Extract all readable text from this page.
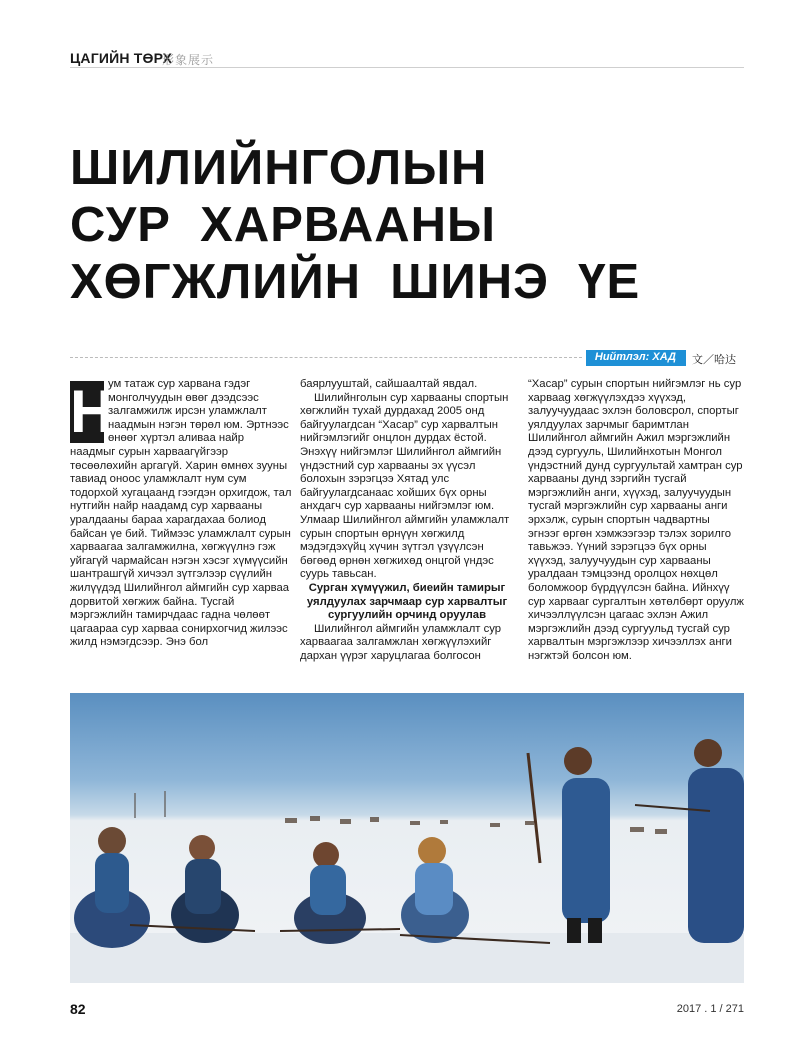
ЦАГИЙН ТӨРХ
形象展示
ШИЛИЙНГОЛЫН
СУР  ХАРВААНЫ
ХӨГЖЛИЙН  ШИНЭ  ҮЕ
Нийтлэл: ХАД 文／哈达
Н

ум татаж сур харвана гэдэг монголчуудын өвөг дээдсээс залгамжилж ирсэн уламжлалт наадмын нэгэн төрөл юм. Эртнээс өнөөг хүртэл аливаа найр наадмыг сурын харваагүйгээр төсөөлөхийн аргагүй. Харин өмнөх зууны тавиад оноос уламжлалт нум сум тодорхой хугацаанд гээгдэн орхигдож, тал нутгийн найр наадамд сур харвааны уралдааны бараа харагдахаа болиод байсан үе бий. Тиймээс уламжлалт сурын харваагаа залгамжилна, хөгжүүлнэ гэж уйгагүй чармайсан нэгэн хэсэг хүмүүсийн шантрашгүй хичээл зүтгэлээр сүүлийн жилүүдэд Шилийнгол аймгийн сур харваа дорвитой хөгжиж байна. Тусгай мэргэжлийн тамирчдаас гадна чөлөөт цагаараа сур харваа сонирхогчид жилээс жилд нэмэгдсээр. Энэ бол

баярлууштай, сайшаалтай явдал.

Шилийнголын сур харвааны спортын хөгжлийн тухай дурдахад 2005 онд байгуулагдсан “Хасар” сур харвалтын нийгэмлэгийг онцлон дурдах ёстой. Энэхүү нийгэмлэг Шилийнгол аймгийн үндэстний сур харвааны эх үүсэл болохын зэрэгцээ Хятад улс байгуулагдсанаас хойших бүх орны анхдагч сур харвааны нийгэмлэг юм. Улмаар Шилийнгол аймгийн уламжлалт сурын спортын өрнүүн хөгжилд мэдэгдэхүйц хүчин зүтгэл үзүүлсэн бөгөөд өрнөн хөгжихөд онцгой үндэс суурь тавьсан.

Сурган хүмүүжил, биеийн тамирыг уялдуулах зарчмаар сур харвалтыг сургуулийн орчинд оруулав

Шилийнгол аймгийн уламжлалт сур харваагаа залгамжлан хөгжүүлэхийг дархан үүрэг харуцлагаа болгосон

“Хасар” сурын спортын нийгэмлэг нь сур харваag хөгжүүлэхдээ хүүхэд, залуучуудаас эхлэн боловсрол, спортыг уялдуулах зарчмыг баримтлан Шилийнгол аймгийн Ажил мэргэжлийн дээд сургууль, Шилийнхотын Монгол үндэстний дунд сургуультай хамтран сур харвааны дунд зэргийн тусгай мэргэжлийн анги, хүүхэд, залуучуудын тусгай мэргэжлийн сур харвааны анги эрхэлж, сурын спортын чадвартны эгнээг өргөн хэмжээгээр тэлэх зорилго тавьжээ. Үүний зэрэгцээ бүх орны хүүхэд, залуучуудын сур харвааны уралдаан тэмцээнд оролцох нөхцөл боломжоор бүрдүүлсэн байна. Ийнхүү сур харвааг сургалтын хөтөлбөрт оруулж хичээллүүлсэн цагаас эхлэн Ажил мэргэжлийн дээд сургуульд тусгай сур харвалтын мэргэжлээр хичээллэх анги нэгжтэй болсон юм.

82	2017 . 1 / 271
